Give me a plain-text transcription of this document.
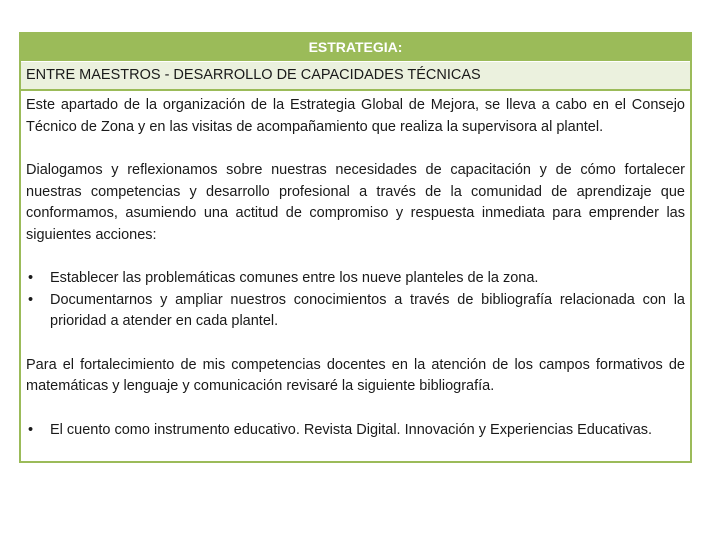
ESTRATEGIA:
ENTRE MAESTROS - DESARROLLO DE CAPACIDADES TÉCNICAS

Este apartado de la organización de la Estrategia Global de Mejora, se lleva a cabo en el Consejo Técnico de Zona y en las visitas de acompañamiento que realiza la supervisora al plantel.

Dialogamos y reflexionamos sobre nuestras necesidades de capacitación y de cómo fortalecer nuestras competencias y desarrollo profesional a través de la comunidad de aprendizaje que conformamos, asumiendo una actitud de compromiso y respuesta inmediata para emprender las siguientes acciones:

• Establecer las problemáticas comunes entre los nueve planteles de la zona.
• Documentarnos y ampliar nuestros conocimientos a través de bibliografía relacionada con la prioridad a atender en cada plantel.

Para el fortalecimiento de mis competencias docentes en la atención de los campos formativos de matemáticas y lenguaje y comunicación revisaré la siguiente bibliografía.

• El cuento como instrumento educativo. Revista Digital. Innovación y Experiencias Educativas.
